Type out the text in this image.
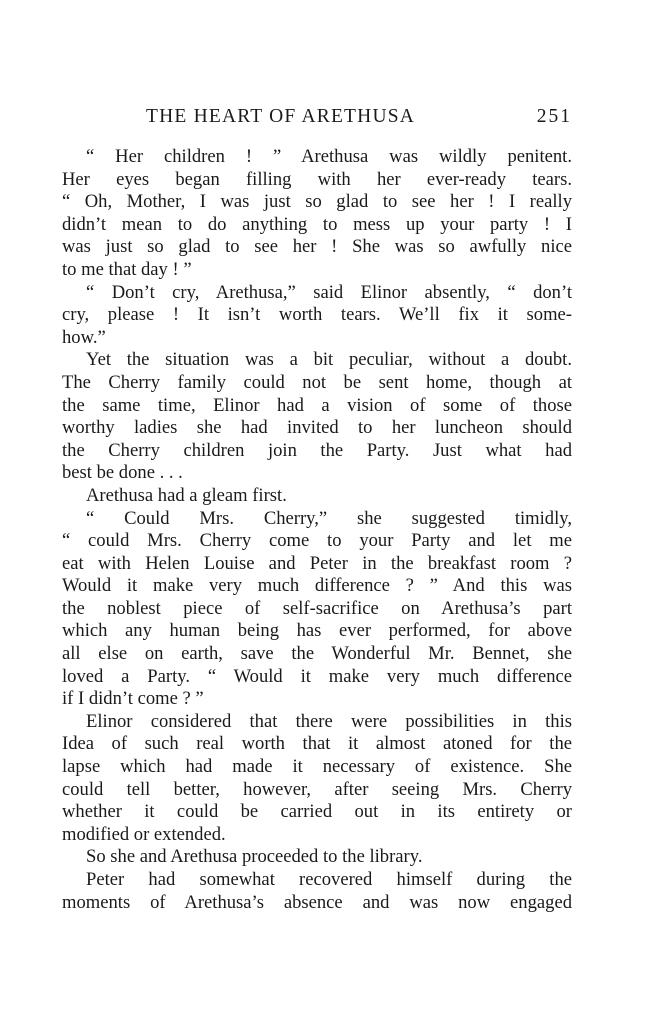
THE HEART OF ARETHUSA	251
“ Her children ! ” Arethusa was wildly penitent.
Her eyes began filling with her ever-ready tears.
“ Oh, Mother, I was just so glad to see her ! I really
didn’t mean to do anything to mess up your party ! I
was just so glad to see her ! She was so awfully nice
to me that day ! ”
“ Don’t cry, Arethusa,” said Elinor absently, “ don’t
cry, please ! It isn’t worth tears. We’ll fix it some-
how.”
Yet the situation was a bit peculiar, without a doubt.
The Cherry family could not be sent home, though at
the same time, Elinor had a vision of some of those
worthy ladies she had invited to her luncheon should
the Cherry children join the Party. Just what had
best be done . . .
Arethusa had a gleam first.
“ Could Mrs. Cherry,” she suggested timidly,
“ could Mrs. Cherry come to your Party and let me
eat with Helen Louise and Peter in the breakfast room ?
Would it make very much difference ? ” And this was
the noblest piece of self-sacrifice on Arethusa’s part
which any human being has ever performed, for above
all else on earth, save the Wonderful Mr. Bennet, she
loved a Party. “ Would it make very much difference
if I didn’t come ? ”
Elinor considered that there were possibilities in this
Idea of such real worth that it almost atoned for the
lapse which had made it necessary of existence. She
could tell better, however, after seeing Mrs. Cherry
whether it could be carried out in its entirety or
modified or extended.
So she and Arethusa proceeded to the library.
Peter had somewhat recovered himself during the
moments of Arethusa’s absence and was now engaged
